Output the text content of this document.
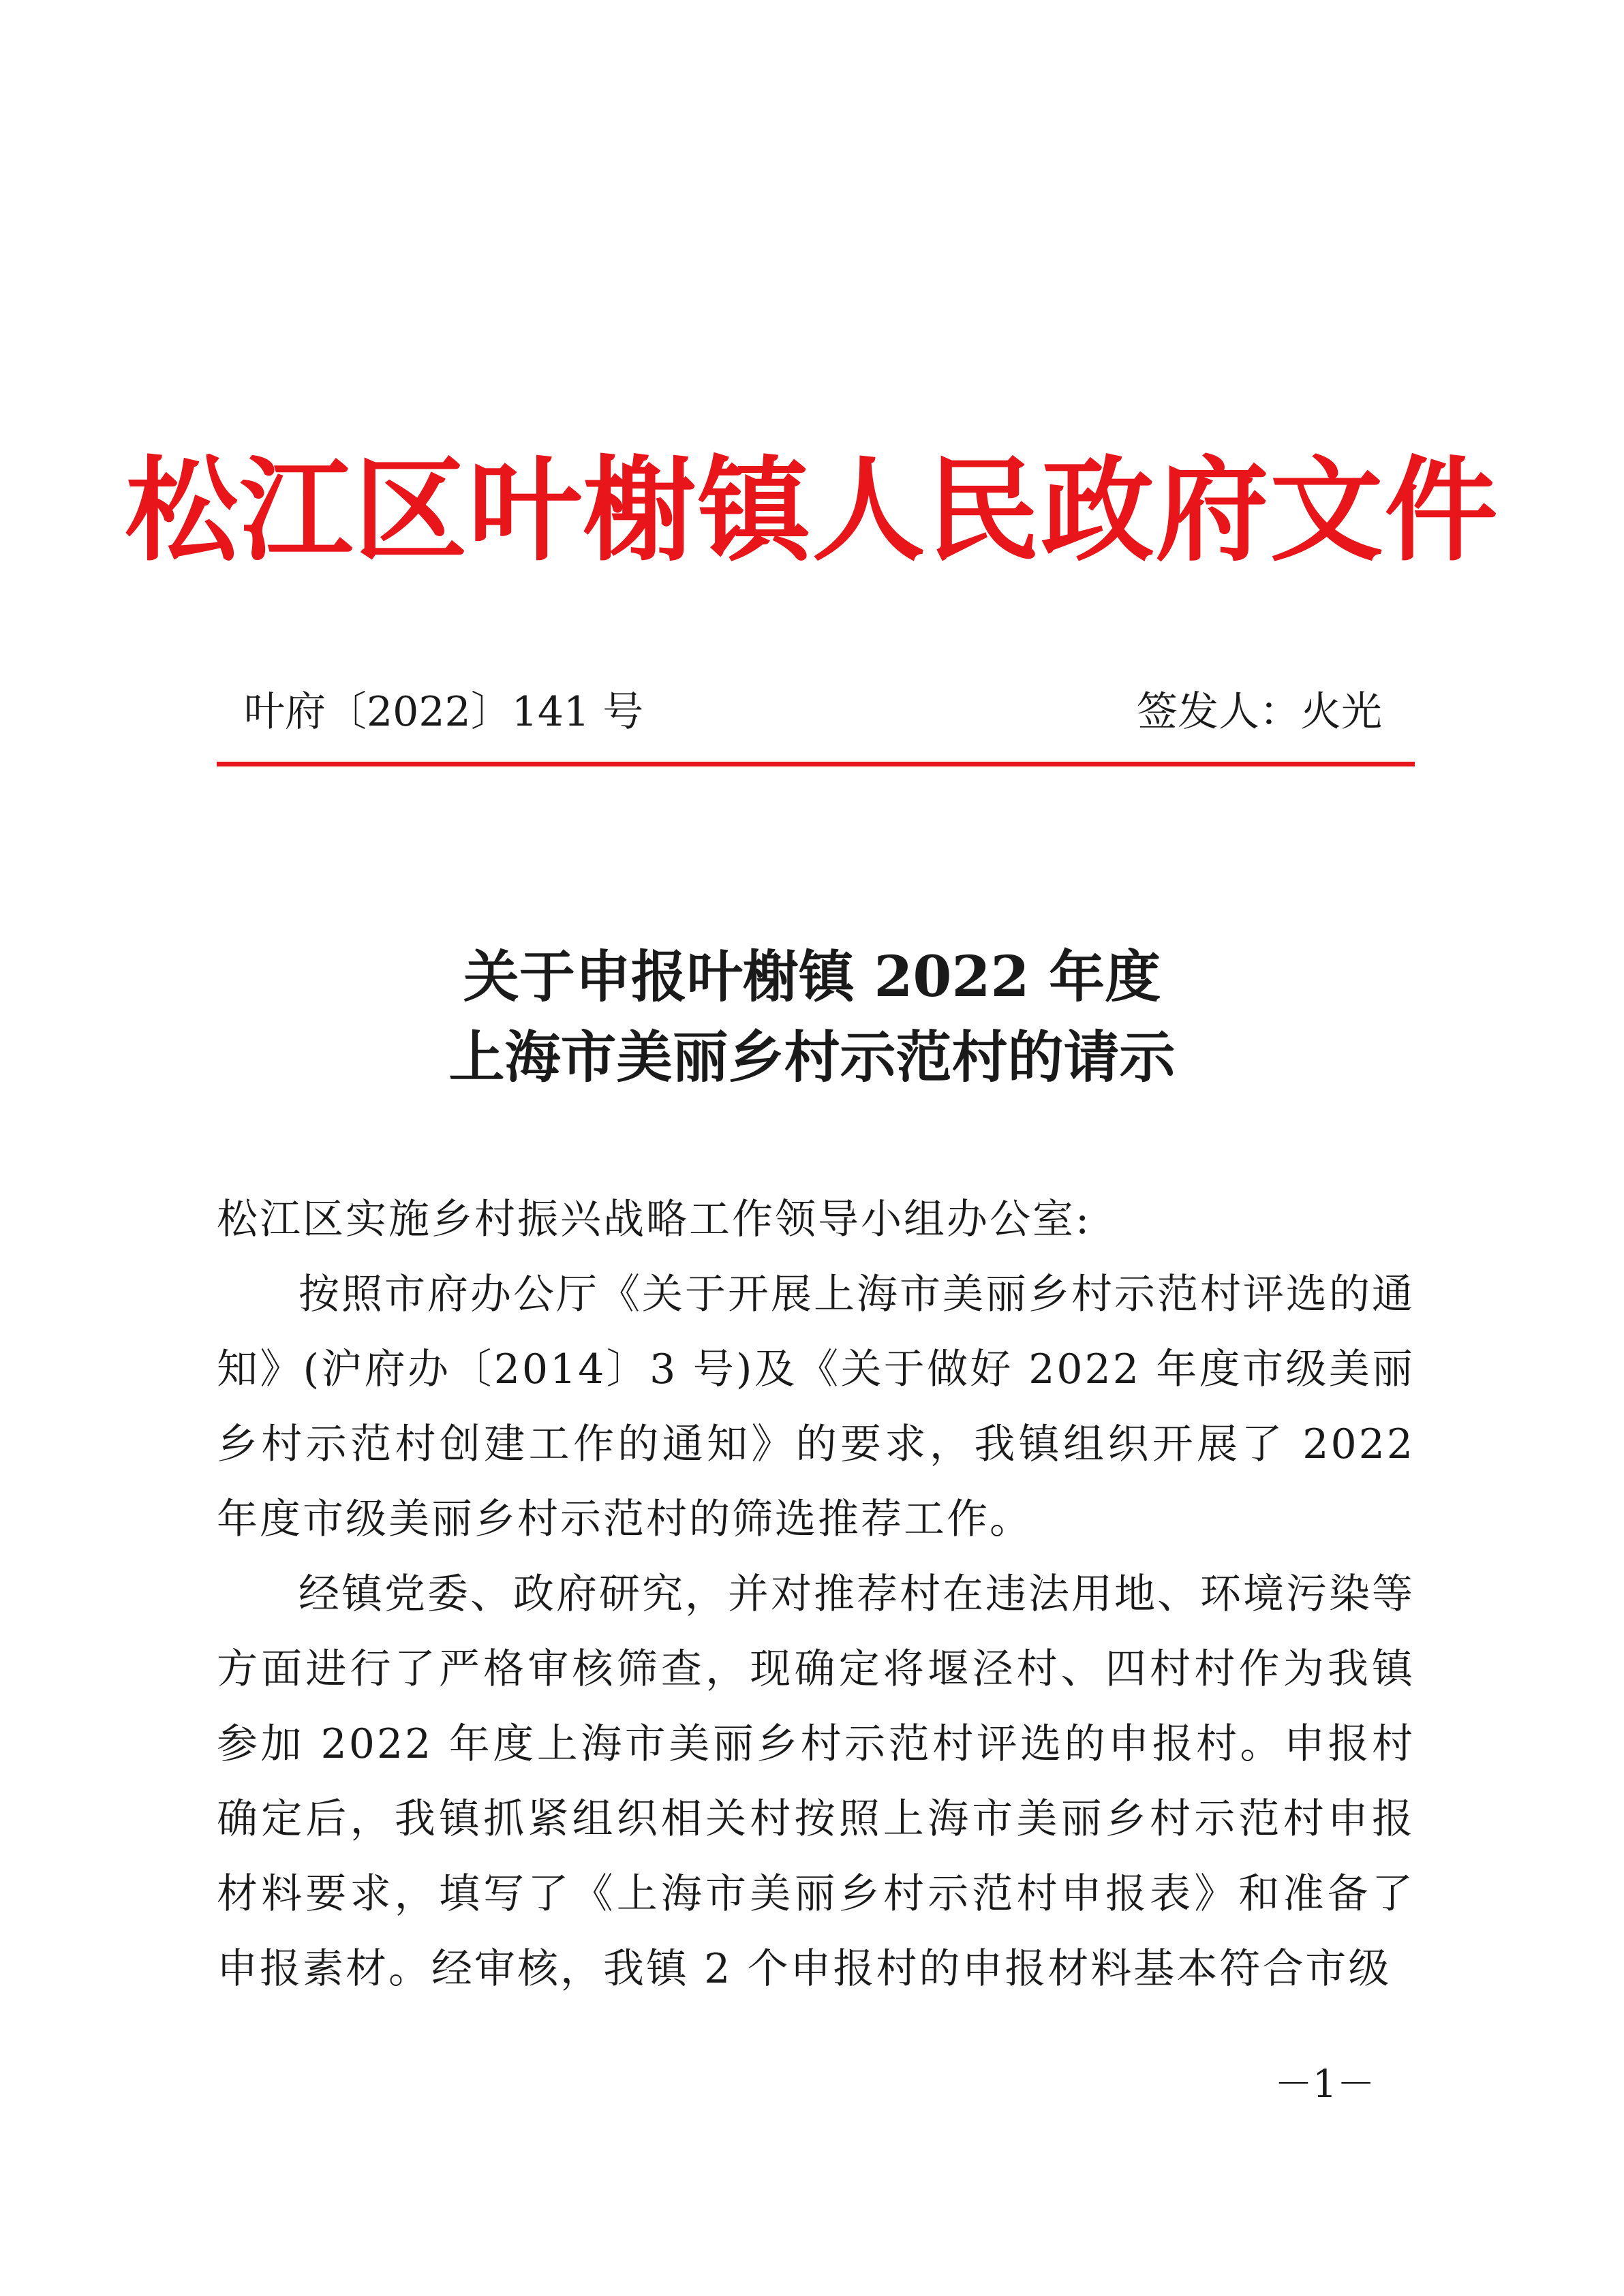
松江区叶榭镇人民政府文件
叶府〔2022〕141 号	签发人：火光
关于申报叶榭镇 2022 年度
上海市美丽乡村示范村的请示
松江区实施乡村振兴战略工作领导小组办公室:

按照市府办公厅《关于开展上海市美丽乡村示范村评选的通知》(沪府办〔2014〕3 号)及《关于做好 2022 年度市级美丽乡村示范村创建工作的通知》的要求，我镇组织开展了 2022 年度市级美丽乡村示范村的筛选推荐工作。

经镇党委、政府研究，并对推荐村在违法用地、环境污染等方面进行了严格审核筛查，现确定将堰泾村、四村村作为我镇参加 2022 年度上海市美丽乡村示范村评选的申报村。申报村确定后，我镇抓紧组织相关村按照上海市美丽乡村示范村申报材料要求，填写了《上海市美丽乡村示范村申报表》和准备了申报素材。经审核，我镇 2 个申报村的申报材料基本符合市级

－1－
